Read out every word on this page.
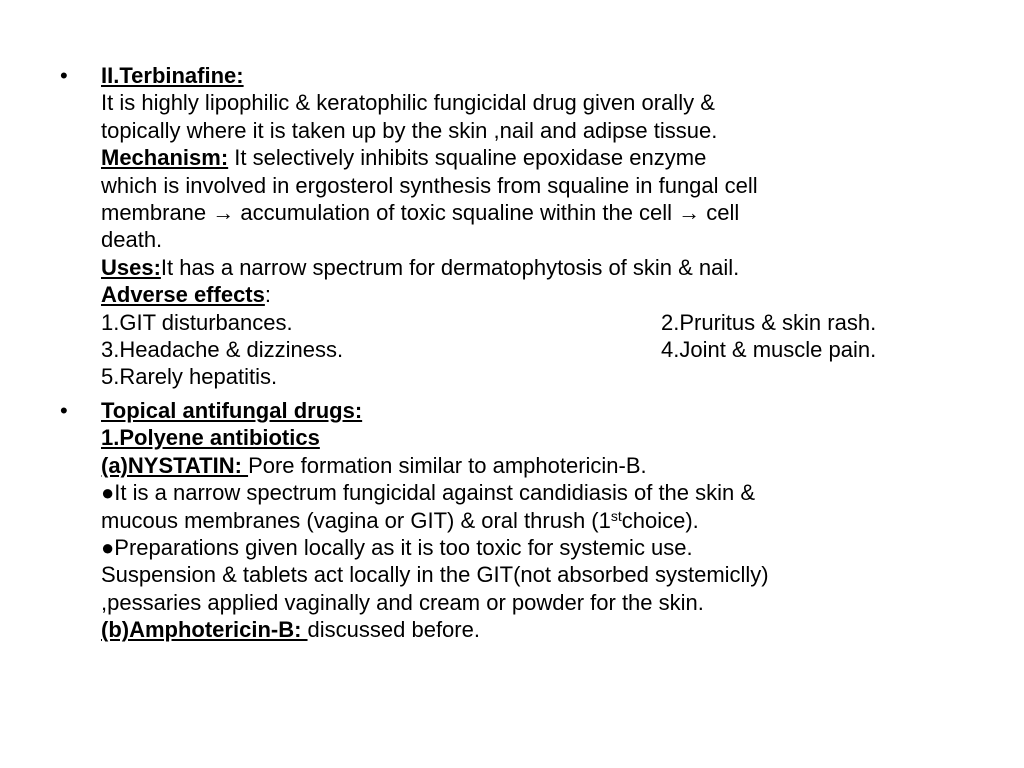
• II.Terbinafine:
It is highly lipophilic & keratophilic fungicidal drug given orally &
topically where it is taken up by the skin ,nail and adipse tissue.
Mechanism: It selectively inhibits squaline epoxidase enzyme
which is involved in ergosterol synthesis from squaline in fungal cell
membrane → accumulation of toxic squaline within the cell → cell
death.
Uses:It has a narrow spectrum for dermatophytosis of skin & nail.
Adverse effects:
1.GIT disturbances.	2.Pruritus & skin rash.
3.Headache & dizziness.	4.Joint & muscle pain.
5.Rarely hepatitis.
• Topical antifungal drugs:
1.Polyene antibiotics
(a)NYSTATIN: Pore formation similar to amphotericin-B.
●It is a narrow spectrum fungicidal against candidiasis of the skin &
mucous membranes (vagina or GIT) & oral thrush (1stchoice).
●Preparations given locally as it is too toxic for systemic use.
Suspension & tablets act locally in the GIT(not absorbed systemiclly)
,pessaries applied vaginally and cream or powder for the skin.
(b)Amphotericin-B: discussed before.
